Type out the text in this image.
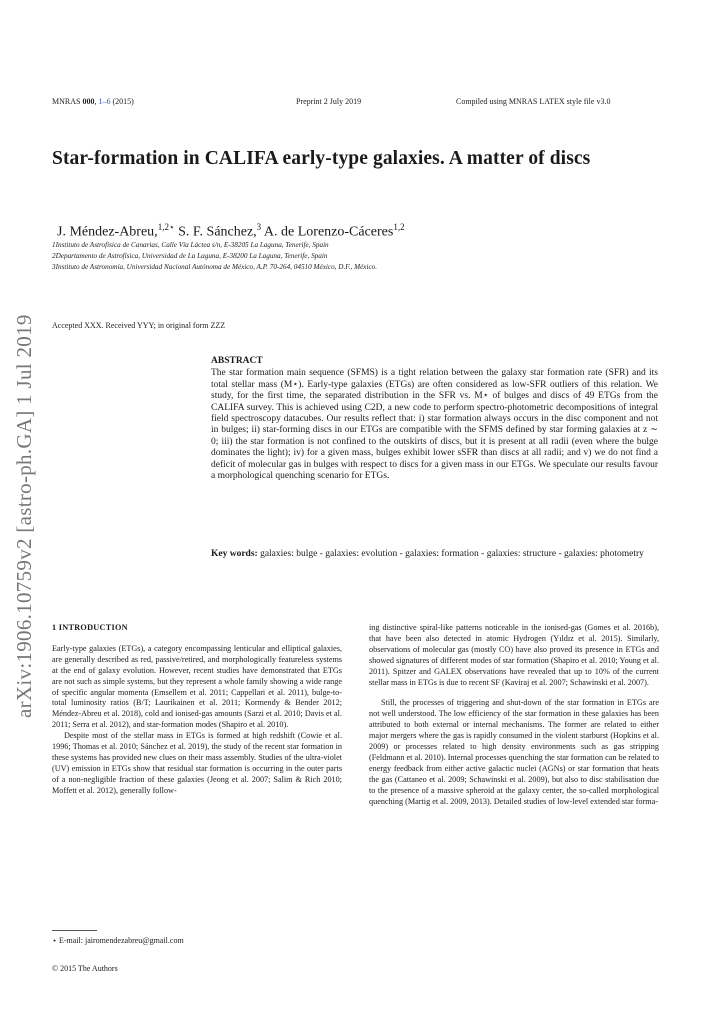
MNRAS 000, 1–6 (2015)	Preprint 2 July 2019	Compiled using MNRAS LATEX style file v3.0
Star-formation in CALIFA early-type galaxies. A matter of discs
J. Méndez-Abreu,$^{1,2⋆}$ S. F. Sánchez,$^3$ A. de Lorenzo-Cáceres$^{1,2}$
1Instituto de Astrofísica de Canarias, Calle Vía Láctea s/n, E-38205 La Laguna, Tenerife, Spain
2Departamento de Astrofísica, Universidad de La Laguna, E-38200 La Laguna, Tenerife, Spain
3Instituto de Astronomía, Universidad Nacional Autónoma de México, A.P. 70-264, 04510 México, D.F., México.
arXiv:1906.10759v2 [astro-ph.GA] 1 Jul 2019 Accepted XXX. Received YYY; in original form ZZZ
ABSTRACT
The star formation main sequence (SFMS) is a tight relation between the galaxy star formation rate (SFR) and its total stellar mass (M⋆). Early-type galaxies (ETGs) are often considered as low-SFR outliers of this relation. We study, for the first time, the separated distribution in the SFR vs. M⋆ of bulges and discs of 49 ETGs from the CALIFA survey. This is achieved using C2D, a new code to perform spectro-photometric decompositions of integral field spectroscopy datacubes. Our results reflect that: i) star formation always occurs in the disc component and not in bulges; ii) star-forming discs in our ETGs are compatible with the SFMS defined by star forming galaxies at z ∼ 0; iii) the star formation is not confined to the outskirts of discs, but it is present at all radii (even where the bulge dominates the light); iv) for a given mass, bulges exhibit lower sSFR than discs at all radii; and v) we do not find a deficit of molecular gas in bulges with respect to discs for a given mass in our ETGs. We speculate our results favour a morphological quenching scenario for ETGs.
Key words: galaxies: bulge - galaxies: evolution - galaxies: formation - galaxies: structure - galaxies: photometry
1 INTRODUCTION

Early-type galaxies (ETGs), a category encompassing lenticular and elliptical galaxies, are generally described as red, passive/retired, and morphologically featureless systems at the end of galaxy evolution. However, recent studies have demonstrated that ETGs are not such as simple systems, but they represent a whole family showing a wide range of specific angular momenta (Emsellem et al. 2011; Cappellari et al. 2011), bulge-to-total luminosity ratios (B/T; Laurikainen et al. 2011; Kormendy & Bender 2012; Méndez-Abreu et al. 2018), cold and ionised-gas amounts (Sarzi et al. 2010; Davis et al. 2011; Serra et al. 2012), and star-formation modes (Shapiro et al. 2010).

Despite most of the stellar mass in ETGs is formed at high redshift (Cowie et al. 1996; Thomas et al. 2010; Sánchez et al. 2019), the study of the recent star formation in these systems has provided new clues on their mass assembly. Studies of the ultra-violet (UV) emission in ETGs show that residual star formation is occurring in the outer parts of a non-negligible fraction of these galaxies (Jeong et al. 2007; Salim & Rich 2010; Moffett et al. 2012), generally follow-

ing distinctive spiral-like patterns noticeable in the ionised-gas (Gomes et al. 2016b), that have been also detected in atomic Hydrogen (Yıldız et al. 2015). Similarly, observations of molecular gas (mostly CO) have also proved its presence in ETGs and showed signatures of different modes of star formation (Shapiro et al. 2010; Young et al. 2011). Spitzer and GALEX observations have revealed that up to 10% of the current stellar mass in ETGs is due to recent SF (Kaviraj et al. 2007; Schawinski et al. 2007).

Still, the processes of triggering and shut-down of the star formation in ETGs are not well understood. The low efficiency of the star formation in these galaxies has been attributed to both external or internal mechanisms. The former are related to either major mergers where the gas is rapidly consumed in the violent starburst (Hopkins et al. 2009) or processes related to high density environments such as gas stripping (Feldmann et al. 2010). Internal processes quenching the star formation can be related to energy feedback from either active galactic nuclei (AGNs) or star formation that heats the gas (Cattaneo et al. 2009; Schawinski et al. 2009), but also to disc stabilisation due to the presence of a massive spheroid at the galaxy center, the so-called morphological quenching (Martig et al. 2009, 2013). Detailed studies of low-level extended star forma-

⋆ E-mail: jairomendezabreu@gmail.com
© 2015 The Authors
